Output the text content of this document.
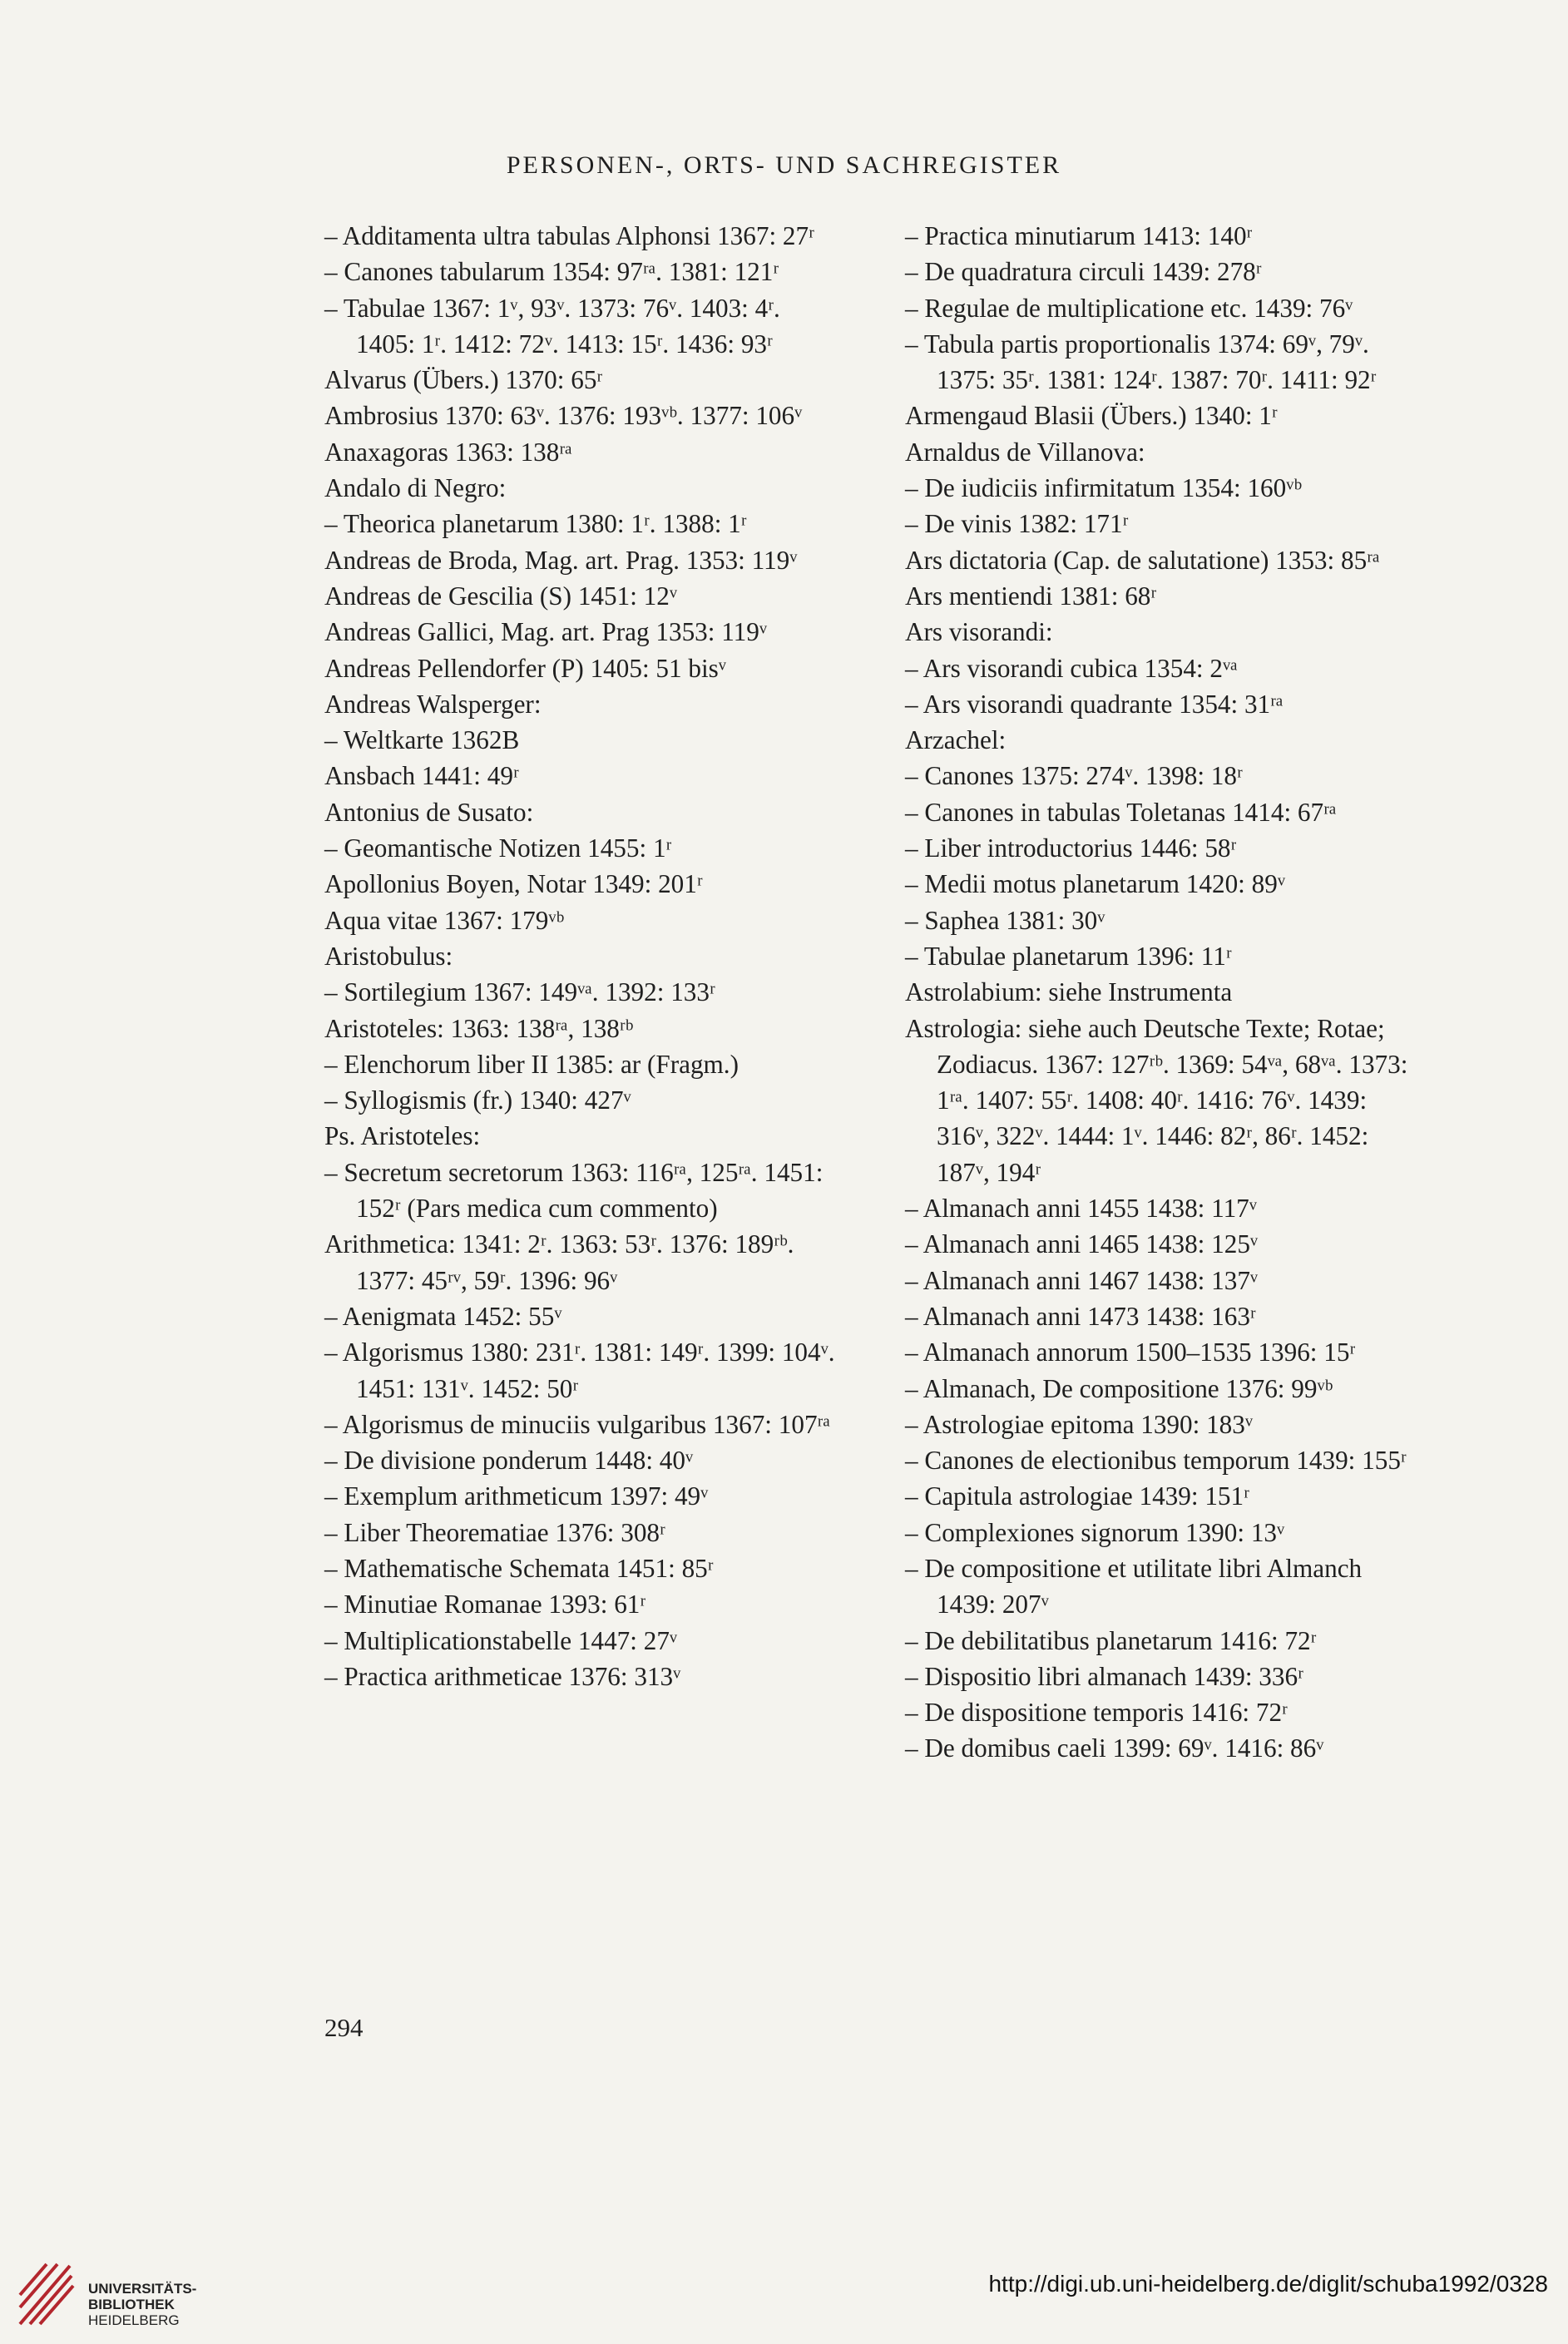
PERSONEN-, ORTS- UND SACHREGISTER

– Additamenta ultra tabulas Alphonsi 1367: 27ʳ

– Canones tabularum 1354: 97ʳᵃ. 1381: 121ʳ

– Tabulae 1367: 1ᵛ, 93ᵛ. 1373: 76ᵛ. 1403: 4ʳ. 1405: 1ʳ. 1412: 72ᵛ. 1413: 15ʳ. 1436: 93ʳ

Alvarus (Übers.) 1370: 65ʳ

Ambrosius 1370: 63ᵛ. 1376: 193ᵛᵇ. 1377: 106ᵛ

Anaxagoras 1363: 138ʳᵃ

Andalo di Negro:

– Theorica planetarum 1380: 1ʳ. 1388: 1ʳ

Andreas de Broda, Mag. art. Prag. 1353: 119ᵛ

Andreas de Gescilia (S) 1451: 12ᵛ

Andreas Gallici, Mag. art. Prag 1353: 119ᵛ

Andreas Pellendorfer (P) 1405: 51 bisᵛ

Andreas Walsperger:

– Weltkarte 1362B

Ansbach 1441: 49ʳ

Antonius de Susato:

– Geomantische Notizen 1455: 1ʳ

Apollonius Boyen, Notar 1349: 201ʳ

Aqua vitae 1367: 179ᵛᵇ

Aristobulus:

– Sortilegium 1367: 149ᵛᵃ. 1392: 133ʳ

Aristoteles: 1363: 138ʳᵃ, 138ʳᵇ

– Elenchorum liber II 1385: ar (Fragm.)

– Syllogismis (fr.) 1340: 427ᵛ

Ps. Aristoteles:

– Secretum secretorum 1363: 116ʳᵃ, 125ʳᵃ. 1451: 152ʳ (Pars medica cum commento)

Arithmetica: 1341: 2ʳ. 1363: 53ʳ. 1376: 189ʳᵇ. 1377: 45ʳᵛ, 59ʳ. 1396: 96ᵛ

– Aenigmata 1452: 55ᵛ

– Algorismus 1380: 231ʳ. 1381: 149ʳ. 1399: 104ᵛ. 1451: 131ᵛ. 1452: 50ʳ

– Algorismus de minuciis vulgaribus 1367: 107ʳᵃ

– De divisione ponderum 1448: 40ᵛ

– Exemplum arithmeticum 1397: 49ᵛ

– Liber Theorematiae 1376: 308ʳ

– Mathematische Schemata 1451: 85ʳ

– Minutiae Romanae 1393: 61ʳ

– Multiplicationstabelle 1447: 27ᵛ

– Practica arithmeticae 1376: 313ᵛ

– Practica minutiarum 1413: 140ʳ

– De quadratura circuli 1439: 278ʳ

– Regulae de multiplicatione etc. 1439: 76ᵛ

– Tabula partis proportionalis 1374: 69ᵛ, 79ᵛ. 1375: 35ʳ. 1381: 124ʳ. 1387: 70ʳ. 1411: 92ʳ

Armengaud Blasii (Übers.) 1340: 1ʳ

Arnaldus de Villanova:

– De iudiciis infirmitatum 1354: 160ᵛᵇ

– De vinis 1382: 171ʳ

Ars dictatoria (Cap. de salutatione) 1353: 85ʳᵃ

Ars mentiendi 1381: 68ʳ

Ars visorandi:

– Ars visorandi cubica 1354: 2ᵛᵃ

– Ars visorandi quadrante 1354: 31ʳᵃ

Arzachel:

– Canones 1375: 274ᵛ. 1398: 18ʳ

– Canones in tabulas Toletanas 1414: 67ʳᵃ

– Liber introductorius 1446: 58ʳ

– Medii motus planetarum 1420: 89ᵛ

– Saphea 1381: 30ᵛ

– Tabulae planetarum 1396: 11ʳ

Astrolabium: siehe Instrumenta

Astrologia: siehe auch Deutsche Texte; Rotae; Zodiacus. 1367: 127ʳᵇ. 1369: 54ᵛᵃ, 68ᵛᵃ. 1373: 1ʳᵃ. 1407: 55ʳ. 1408: 40ʳ. 1416: 76ᵛ. 1439: 316ᵛ, 322ᵛ. 1444: 1ᵛ. 1446: 82ʳ, 86ʳ. 1452: 187ᵛ, 194ʳ

– Almanach anni 1455 1438: 117ᵛ

– Almanach anni 1465 1438: 125ᵛ

– Almanach anni 1467 1438: 137ᵛ

– Almanach anni 1473 1438: 163ʳ

– Almanach annorum 1500–1535 1396: 15ʳ

– Almanach, De compositione 1376: 99ᵛᵇ

– Astrologiae epitoma 1390: 183ᵛ

– Canones de electionibus temporum 1439: 155ʳ

– Capitula astrologiae 1439: 151ʳ

– Complexiones signorum 1390: 13ᵛ

– De compositione et utilitate libri Almanch 1439: 207ᵛ

– De debilitatibus planetarum 1416: 72ʳ

– Dispositio libri almanach 1439: 336ʳ

– De dispositione temporis 1416: 72ʳ

– De domibus caeli 1399: 69ᵛ. 1416: 86ᵛ

294
UNIVERSITÄTS-
BIBLIOTHEK
HEIDELBERG
http://digi.ub.uni-heidelberg.de/diglit/schuba1992/0328
